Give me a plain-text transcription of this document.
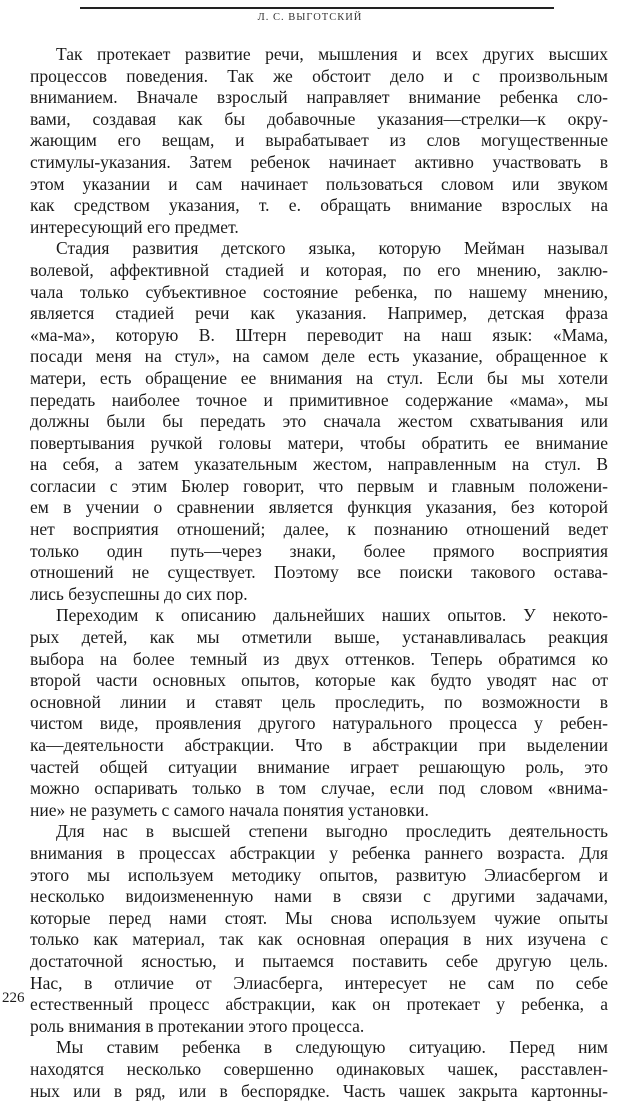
Л. С. ВЫГОТСКИЙ

Так протекает развитие речи, мышления и всех других высших
процессов поведения. Так же обстоит дело и с произвольным
вниманием. Вначале взрослый направляет внимание ребенка сло-
вами, создавая как бы добавочные указания—стрелки—к окру-
жающим его вещам, и вырабатывает из слов могущественные
стимулы-указания. Затем ребенок начинает активно участвовать в
этом указании и сам начинает пользоваться словом или звуком
как средством указания, т. е. обращать внимание взрослых на
интересующий его предмет.

Стадия развития детского языка, которую Мейман называл
волевой, аффективной стадией и которая, по его мнению, заклю-
чала только субъективное состояние ребенка, по нашему мнению,
является стадией речи как указания. Например, детская фраза
«ма-ма», которую В. Штерн переводит на наш язык: «Мама,
посади меня на стул», на самом деле есть указание, обращенное к
матери, есть обращение ее внимания на стул. Если бы мы хотели
передать наиболее точное и примитивное содержание «мама», мы
должны были бы передать это сначала жестом схватывания или
повертывания ручкой головы матери, чтобы обратить ее внимание
на себя, а затем указательным жестом, направленным на стул. В
согласии с этим Бюлер говорит, что первым и главным положени-
ем в учении о сравнении является функция указания, без которой
нет восприятия отношений; далее, к познанию отношений ведет
только один путь—через знаки, более прямого восприятия
отношений не существует. Поэтому все поиски такового остава-
лись безуспешны до сих пор.

Переходим к описанию дальнейших наших опытов. У некото-
рых детей, как мы отметили выше, устанавливалась реакция
выбора на более темный из двух оттенков. Теперь обратимся ко
второй части основных опытов, которые как будто уводят нас от
основной линии и ставят цель проследить, по возможности в
чистом виде, проявления другого натурального процесса у ребен-
ка—деятельности абстракции. Что в абстракции при выделении
частей общей ситуации внимание играет решающую роль, это
можно оспаривать только в том случае, если под словом «внима-
ние» не разуметь с самого начала понятия установки.

Для нас в высшей степени выгодно проследить деятельность
внимания в процессах абстракции у ребенка раннего возраста. Для
этого мы используем методику опытов, развитую Элиасбергом и
несколько видоизмененную нами в связи с другими задачами,
которые перед нами стоят. Мы снова используем чужие опыты
только как материал, так как основная операция в них изучена с
достаточной ясностью, и пытаемся поставить себе другую цель.
Нас, в отличие от Элиасберга, интересует не сам по себе
естественный процесс абстракции, как он протекает у ребенка, а
роль внимания в протекании этого процесса.

Мы ставим ребенка в следующую ситуацию. Перед ним
находятся несколько совершенно одинаковых чашек, расставлен-
ных или в ряд, или в беспорядке. Часть чашек закрыта картонны-

226
